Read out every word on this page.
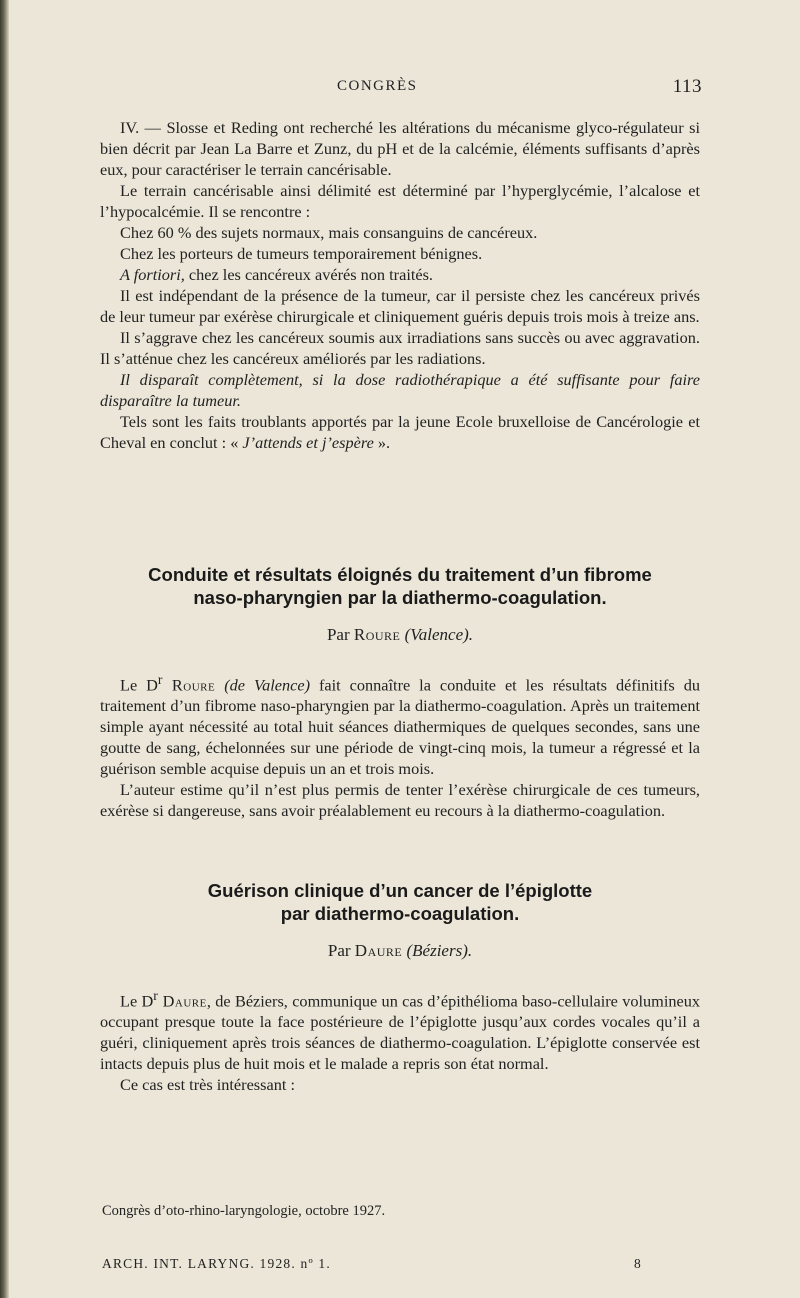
CONGRÈS	113

IV. — Slosse et Reding ont recherché les altérations du mécanisme glyco-régulateur si bien décrit par Jean La Barre et Zunz, du pH et de la calcémie, éléments suffisants d’après eux, pour caractériser le terrain cancérisable.

Le terrain cancérisable ainsi délimité est déterminé par l’hyperglycémie, l’alcalose et l’hypocalcémie. Il se rencontre :

Chez 60 % des sujets normaux, mais consanguins de cancéreux.

Chez les porteurs de tumeurs temporairement bénignes.

A fortiori, chez les cancéreux avérés non traités.

Il est indépendant de la présence de la tumeur, car il persiste chez les cancéreux privés de leur tumeur par exérèse chirurgicale et cliniquement guéris depuis trois mois à treize ans.

Il s’aggrave chez les cancéreux soumis aux irradiations sans succès ou avec aggravation. Il s’atténue chez les cancéreux améliorés par les radiations.

Il disparaît complètement, si la dose radiothérapique a été suffisante pour faire disparaître la tumeur.

Tels sont les faits troublants apportés par la jeune Ecole bruxelloise de Cancérologie et Cheval en conclut : « J’attends et j’espère ».

Conduite et résultats éloignés du traitement d’un fibrome
naso-pharyngien par la diathermo-coagulation.
Par Roure (Valence).

Le $D^r$ Roure (de Valence) fait connaître la conduite et les résultats définitifs du traitement d’un fibrome naso-pharyngien par la diathermo-coagulation. Après un traitement simple ayant nécessité au total huit séances diathermiques de quelques secondes, sans une goutte de sang, échelonnées sur une période de vingt-cinq mois, la tumeur a régressé et la guérison semble acquise depuis un an et trois mois.

L’auteur estime qu’il n’est plus permis de tenter l’exérèse chirurgicale de ces tumeurs, exérèse si dangereuse, sans avoir préalablement eu recours à la diathermo-coagulation.

Guérison clinique d’un cancer de l’épiglotte
par diathermo-coagulation.
Par Daure (Béziers).

Le $D^r$ Daure, de Béziers, communique un cas d’épithélioma baso-cellulaire volumineux occupant presque toute la face postérieure de l’épiglotte jusqu’aux cordes vocales qu’il a guéri, cliniquement après trois séances de diathermo-coagulation. L’épiglotte conservée est intacts depuis plus de huit mois et le malade a repris son état normal.

Ce cas est très intéressant :

Congrès d’oto-rhino-laryngologie, octobre 1927.
ARCH. INT. LARYNG. 1928. nº 1.	8
